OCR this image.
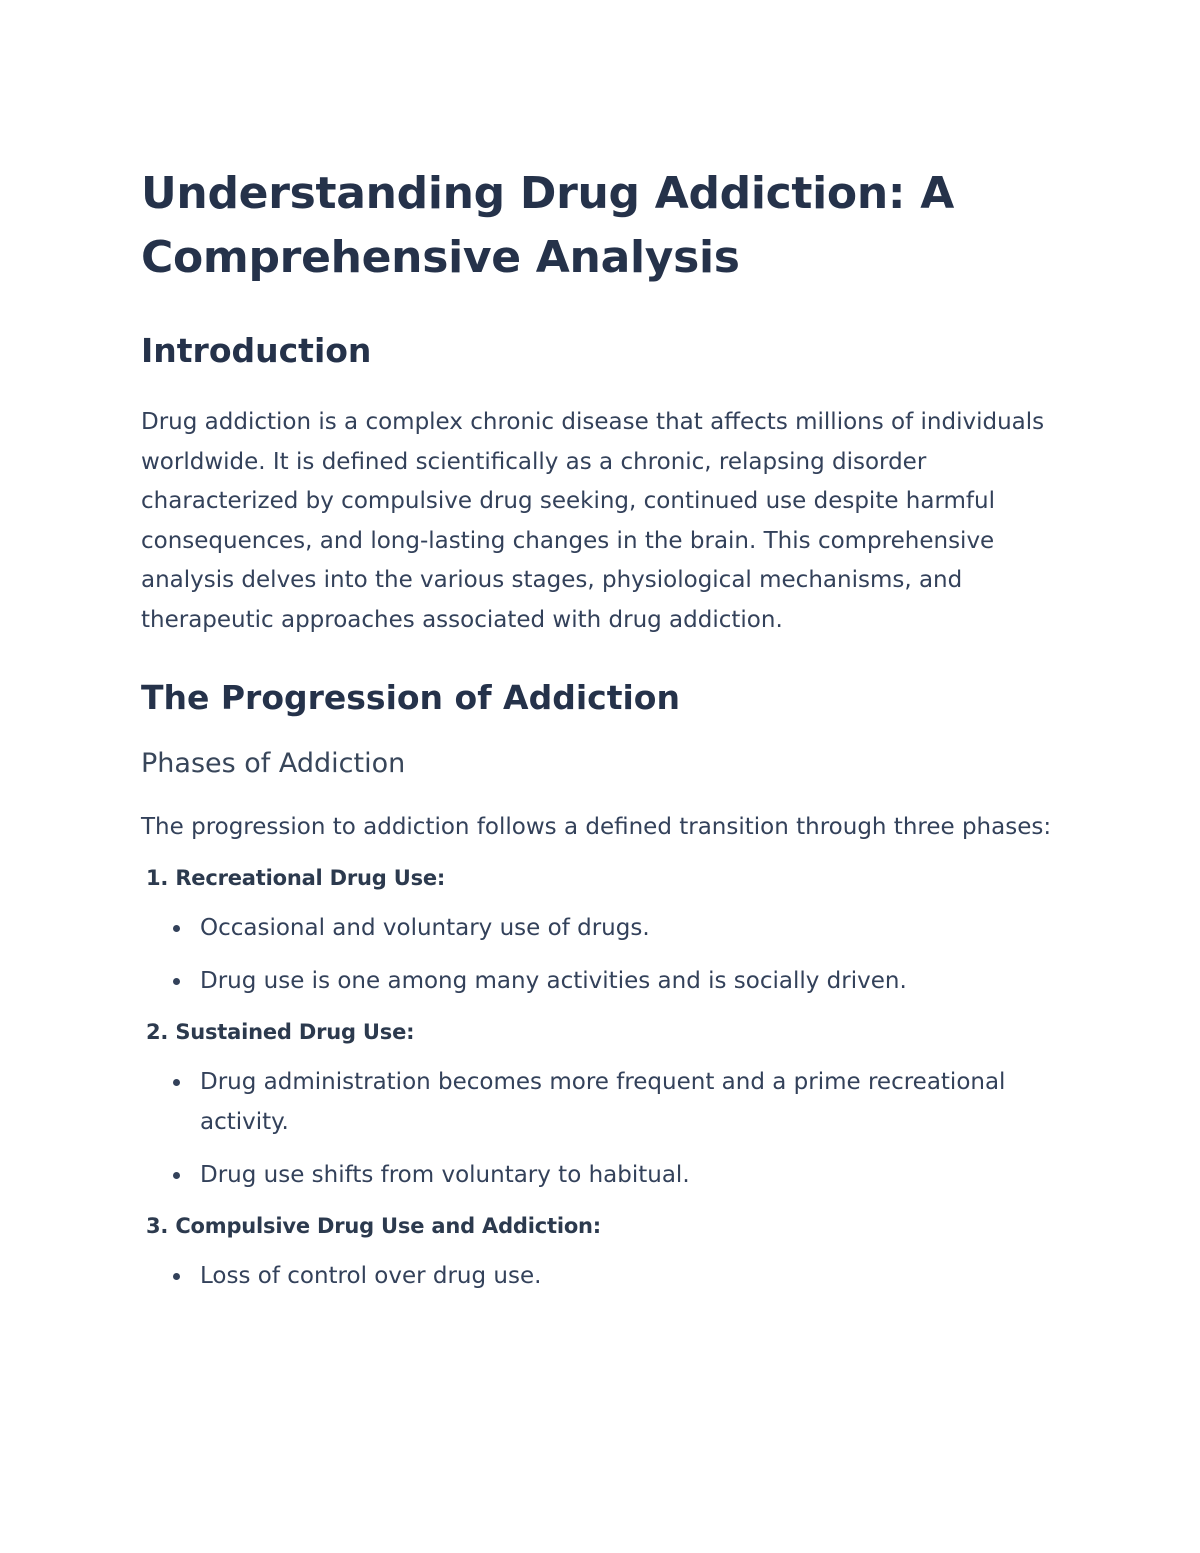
Understanding Drug Addiction: A Comprehensive Analysis
Introduction

Drug addiction is a complex chronic disease that affects millions of individuals worldwide. It is defined scientifically as a chronic, relapsing disorder characterized by compulsive drug seeking, continued use despite harmful consequences, and long-lasting changes in the brain. This comprehensive analysis delves into the various stages, physiological mechanisms, and therapeutic approaches associated with drug addiction.

The Progression of Addiction
Phases of Addiction

The progression to addiction follows a defined transition through three phases:

1. Recreational Drug Use:
Occasional and voluntary use of drugs.
Drug use is one among many activities and is socially driven.
2. Sustained Drug Use:
Drug administration becomes more frequent and a prime recreational activity.
Drug use shifts from voluntary to habitual.
3. Compulsive Drug Use and Addiction:
Loss of control over drug use.
